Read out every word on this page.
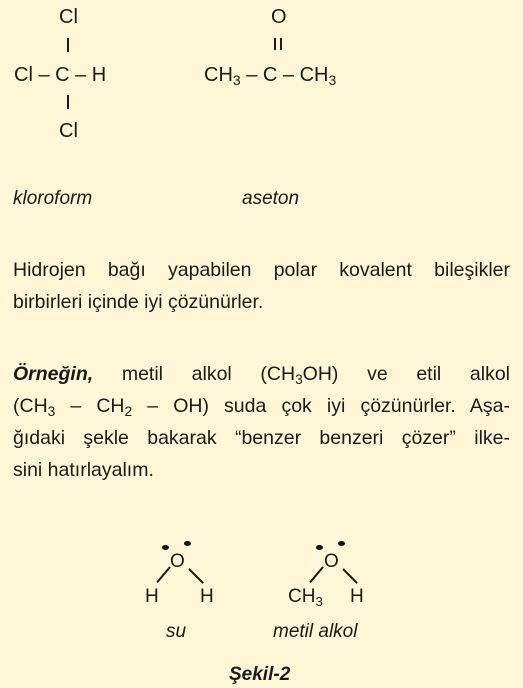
Cl
Cl – C – H
Cl
O
$CH_3$ – C – $CH_3$
kloroform	aseton
Hidrojen bağı yapabilen polar kovalent bileşikler
birbirleri içinde iyi çözünürler.
Örneğin, metil alkol $(CH_3OH)$ ve etil alkol
$(CH_3 - CH_2 - OH)$ suda çok iyi çözünürler. Aşa-
ğıdaki şekle bakarak “benzer benzeri çözer” ilke-
sini hatırlayalım.
O
H H
O
$CH_3$ H
su	metil alkol
Şekil-2
